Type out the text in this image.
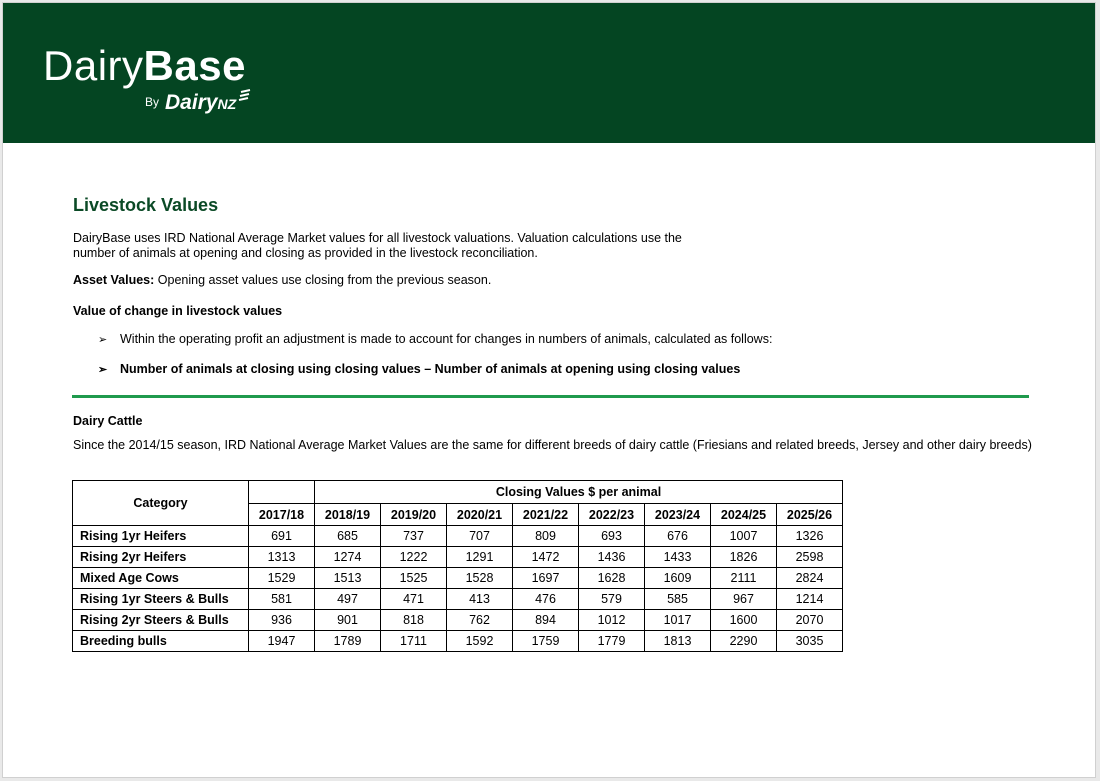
DairyBase
By DairyNZ
Livestock Values

DairyBase uses IRD National Average Market values for all livestock valuations. Valuation calculations use the number of animals at opening and closing as provided in the livestock reconciliation.

Asset Values: Opening asset values use closing from the previous season.

Value of change in livestock values

➢ Within the operating profit an adjustment is made to account for changes in numbers of animals, calculated as follows:

➢ Number of animals at closing using closing values – Number of animals at opening using closing values

Dairy Cattle

Since the 2014/15 season, IRD National Average Market Values are the same for different breeds of dairy cattle (Friesians and related breeds, Jersey and other dairy breeds)

Category		Closing Values $ per animal							
	2017/18	2018/19	2019/20	2020/21	2021/22	2022/23	2023/24	2024/25	2025/26
Rising 1yr Heifers	691	685	737	707	809	693	676	1007	1326
Rising 2yr Heifers	1313	1274	1222	1291	1472	1436	1433	1826	2598
Mixed Age Cows	1529	1513	1525	1528	1697	1628	1609	2111	2824
Rising 1yr Steers & Bulls	581	497	471	413	476	579	585	967	1214
Rising 2yr Steers & Bulls	936	901	818	762	894	1012	1017	1600	2070
Breeding bulls	1947	1789	1711	1592	1759	1779	1813	2290	3035
